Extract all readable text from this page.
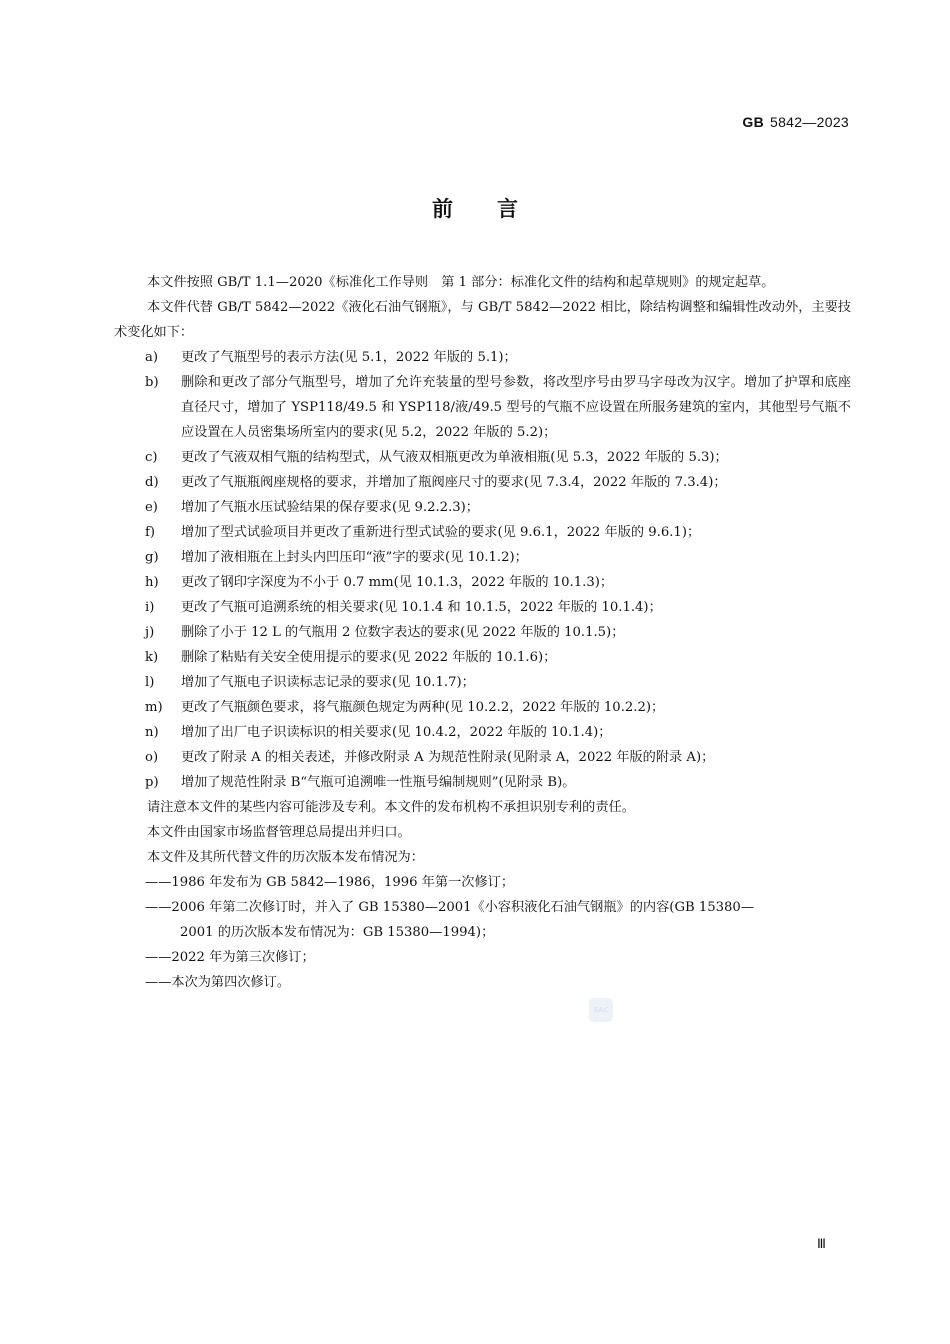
GB 5842—2023
前言
本文件按照 GB/T 1.1—2020《标准化工作导则　第 1 部分：标准化文件的结构和起草规则》的规定起草。
本文件代替 GB/T 5842—2022《液化石油气钢瓶》，与 GB/T 5842—2022 相比，除结构调整和编辑性改动外，主要技术变化如下：
a)	更改了气瓶型号的表示方法(见 5.1，2022 年版的 5.1)；
b)	删除和更改了部分气瓶型号，增加了允许充装量的型号参数，将改型序号由罗马字母改为汉字。增加了护罩和底座直径尺寸，增加了 YSP118/49.5 和 YSP118/液/49.5 型号的气瓶不应设置在所服务建筑的室内，其他型号气瓶不应设置在人员密集场所室内的要求(见 5.2，2022 年版的 5.2)；
c)	更改了气液双相气瓶的结构型式，从气液双相瓶更改为单液相瓶(见 5.3，2022 年版的 5.3)；
d)	更改了气瓶瓶阀座规格的要求，并增加了瓶阀座尺寸的要求(见 7.3.4，2022 年版的 7.3.4)；
e)	增加了气瓶水压试验结果的保存要求(见 9.2.2.3)；
f)	增加了型式试验项目并更改了重新进行型式试验的要求(见 9.6.1，2022 年版的 9.6.1)；
g)	增加了液相瓶在上封头内凹压印“液”字的要求(见 10.1.2)；
h)	更改了钢印字深度为不小于 0.7 mm(见 10.1.3，2022 年版的 10.1.3)；
i)	更改了气瓶可追溯系统的相关要求(见 10.1.4 和 10.1.5，2022 年版的 10.1.4)；
j)	删除了小于 12 L 的气瓶用 2 位数字表达的要求(见 2022 年版的 10.1.5)；
k)	删除了粘贴有关安全使用提示的要求(见 2022 年版的 10.1.6)；
l)	增加了气瓶电子识读标志记录的要求(见 10.1.7)；
m)	更改了气瓶颜色要求，将气瓶颜色规定为两种(见 10.2.2，2022 年版的 10.2.2)；
n)	增加了出厂电子识读标识的相关要求(见 10.4.2，2022 年版的 10.1.4)；
o)	更改了附录 A 的相关表述，并修改附录 A 为规范性附录(见附录 A，2022 年版的附录 A)；
p)	增加了规范性附录 B“气瓶可追溯唯一性瓶号编制规则”(见附录 B)。
请注意本文件的某些内容可能涉及专利。本文件的发布机构不承担识别专利的责任。
本文件由国家市场监督管理总局提出并归口。
本文件及其所代替文件的历次版本发布情况为：
——1986 年发布为 GB 5842—1986，1996 年第一次修订；
——2006 年第二次修订时，并入了 GB 15380—2001《小容积液化石油气钢瓶》的内容(GB 15380—
2001 的历次版本发布情况为：GB 15380—1994)；
——2022 年为第三次修订；
——本次为第四次修订。
SAC
Ⅲ
